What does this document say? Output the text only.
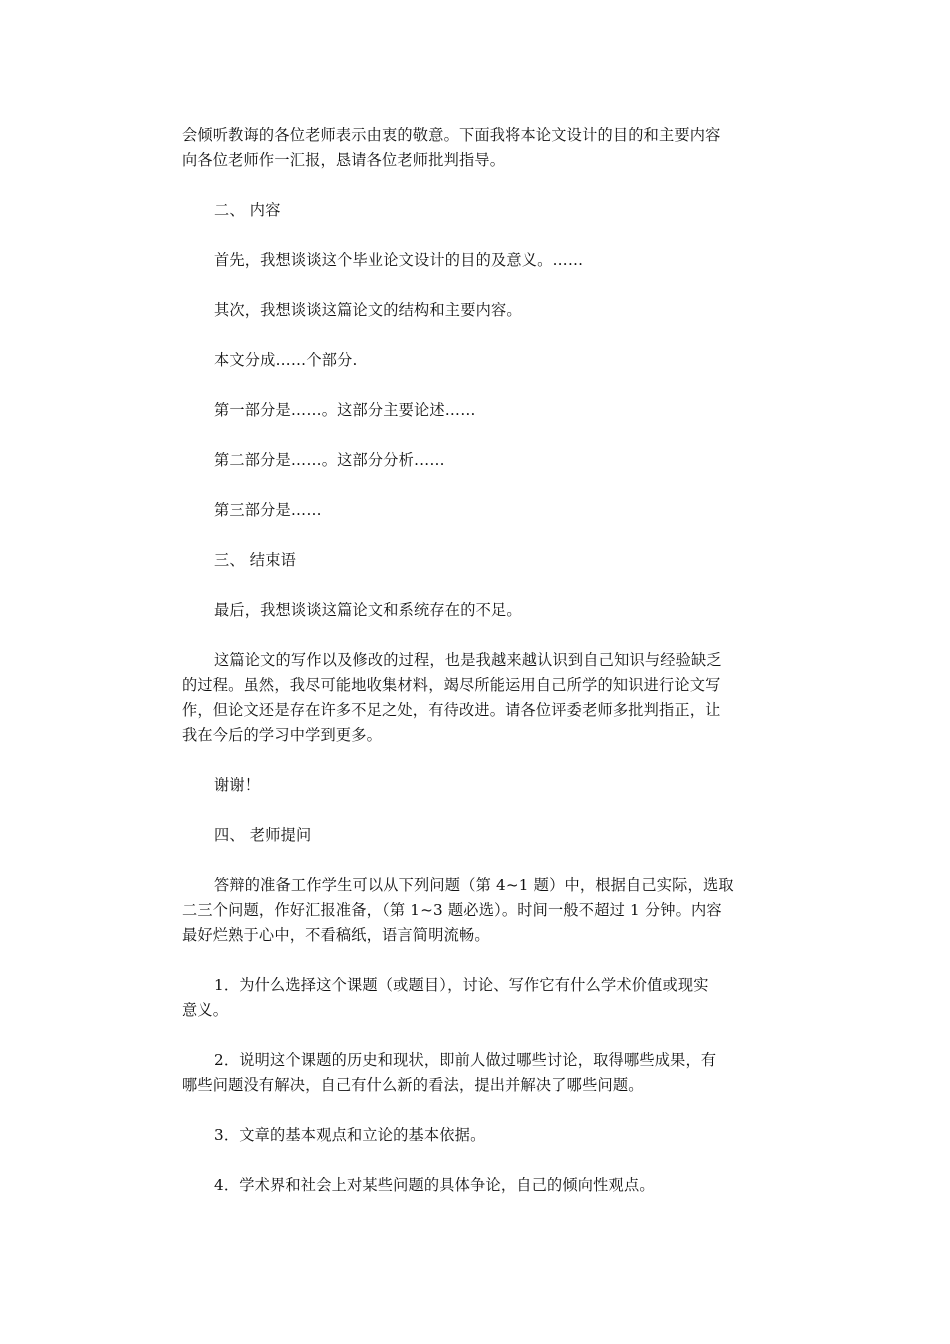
会倾听教诲的各位老师表示由衷的敬意。下面我将本论文设计的目的和主要内容
向各位老师作一汇报，恳请各位老师批判指导。
二、 内容
首先，我想谈谈这个毕业论文设计的目的及意义。……
其次，我想谈谈这篇论文的结构和主要内容。
本文分成……个部分.
第一部分是……。这部分主要论述……
第二部分是……。这部分分析……
第三部分是……
三、 结束语
最后，我想谈谈这篇论文和系统存在的不足。
这篇论文的写作以及修改的过程，也是我越来越认识到自己知识与经验缺乏
的过程。虽然，我尽可能地收集材料，竭尽所能运用自己所学的知识进行论文写
作，但论文还是存在许多不足之处，有待改进。请各位评委老师多批判指正，让
我在今后的学习中学到更多。
谢谢！
四、 老师提问
答辩的准备工作学生可以从下列问题（第 4~1 题）中，根据自己实际，选取
二三个问题，作好汇报准备，（第 1~3 题必选）。时间一般不超过 1 分钟。内容
最好烂熟于心中，不看稿纸，语言简明流畅。
1．为什么选择这个课题（或题目），讨论、写作它有什么学术价值或现实
意义。
2．说明这个课题的历史和现状，即前人做过哪些讨论，取得哪些成果，有
哪些问题没有解决，自己有什么新的看法，提出并解决了哪些问题。
3．文章的基本观点和立论的基本依据。
4．学术界和社会上对某些问题的具体争论，自己的倾向性观点。
